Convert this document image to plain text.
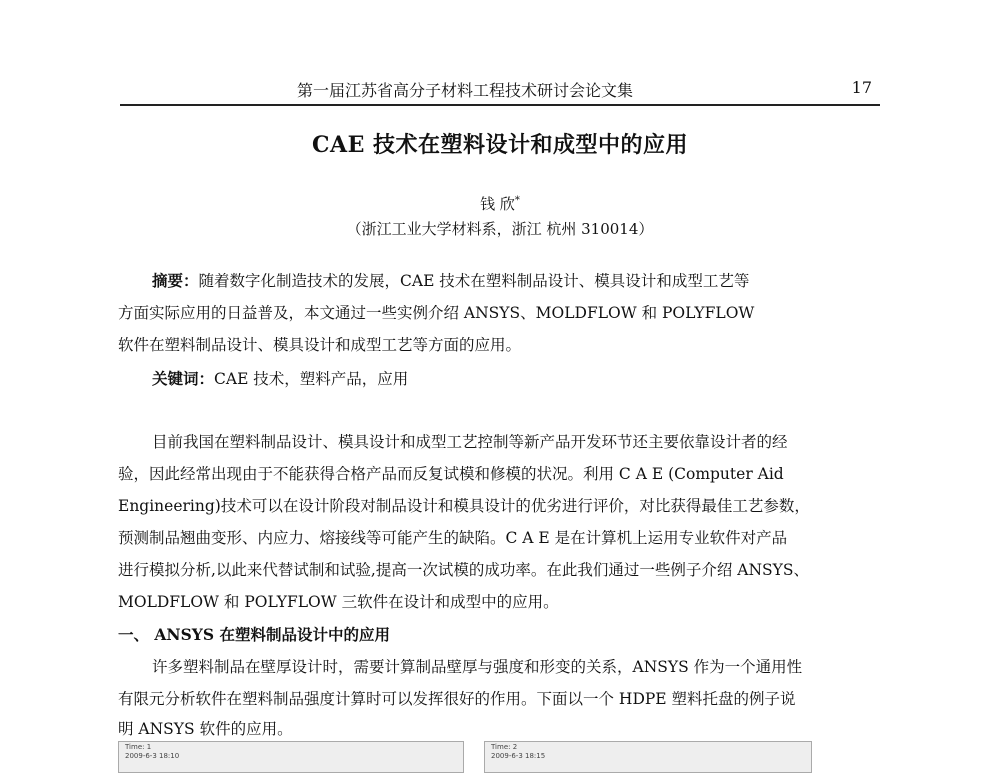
第一届江苏省高分子材料工程技术研讨会论文集	17
CAE 技术在塑料设计和成型中的应用
钱 欣*
（浙江工业大学材料系，浙江 杭州 310014）
摘要：随着数字化制造技术的发展，CAE 技术在塑料制品设计、模具设计和成型工艺等
方面实际应用的日益普及，本文通过一些实例介绍 ANSYS、MOLDFLOW 和 POLYFLOW
软件在塑料制品设计、模具设计和成型工艺等方面的应用。
关键词：CAE 技术，塑料产品，应用
目前我国在塑料制品设计、模具设计和成型工艺控制等新产品开发环节还主要依靠设计者的经
验，因此经常出现由于不能获得合格产品而反复试模和修模的状况。利用 C A E (Computer Aid
Engineering)技术可以在设计阶段对制品设计和模具设计的优劣进行评价，对比获得最佳工艺参数，
预测制品翘曲变形、内应力、熔接线等可能产生的缺陷。C A E 是在计算机上运用专业软件对产品
进行模拟分析,以此来代替试制和试验,提高一次试模的成功率。在此我们通过一些例子介绍 ANSYS、
MOLDFLOW 和 POLYFLOW 三软件在设计和成型中的应用。
一、 ANSYS 在塑料制品设计中的应用
许多塑料制品在壁厚设计时，需要计算制品壁厚与强度和形变的关系，ANSYS 作为一个通用性
有限元分析软件在塑料制品强度计算时可以发挥很好的作用。下面以一个 HDPE 塑料托盘的例子说
明 ANSYS 软件的应用。
Time: 1
2009-6-3 18:10
Time: 2
2009-6-3 18:15
